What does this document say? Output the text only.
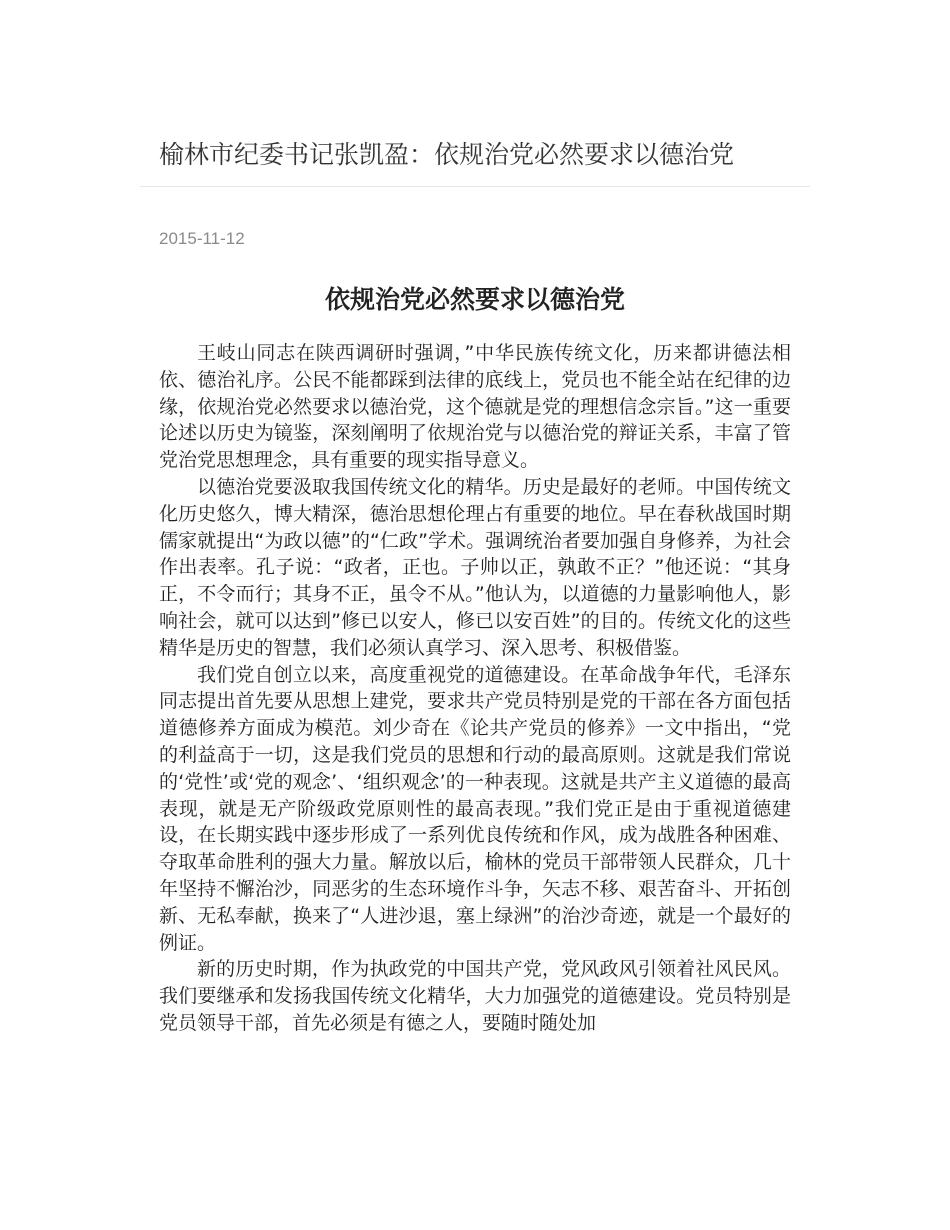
榆林市纪委书记张凯盈：依规治党必然要求以德治党
2015-11-12
依规治党必然要求以德治党

王岐山同志在陕西调研时强调，”中华民族传统文化，历来都讲德法相依、德治礼序。公民不能都踩到法律的底线上，党员也不能全站在纪律的边缘，依规治党必然要求以德治党，这个德就是党的理想信念宗旨。”这一重要论述以历史为镜鉴，深刻阐明了依规治党与以德治党的辩证关系，丰富了管党治党思想理念，具有重要的现实指导意义。

以德治党要汲取我国传统文化的精华。历史是最好的老师。中国传统文化历史悠久，博大精深，德治思想伦理占有重要的地位。早在春秋战国时期儒家就提出“为政以德”的“仁政”学术。强调统治者要加强自身修养，为社会作出表率。孔子说：“政者，正也。子帅以正，孰敢不正？”他还说：“其身正，不令而行；其身不正，虽令不从。”他认为，以道德的力量影响他人，影响社会，就可以达到”修已以安人，修已以安百姓”的目的。传统文化的这些精华是历史的智慧，我们必须认真学习、深入思考、积极借鉴。

我们党自创立以来，高度重视党的道德建设。在革命战争年代，毛泽东同志提出首先要从思想上建党，要求共产党员特别是党的干部在各方面包括道德修养方面成为模范。刘少奇在《论共产党员的修养》一文中指出，“党的利益高于一切，这是我们党员的思想和行动的最高原则。这就是我们常说的‘党性’或‘党的观念’、‘组织观念’的一种表现。这就是共产主义道德的最高表现，就是无产阶级政党原则性的最高表现。”我们党正是由于重视道德建设，在长期实践中逐步形成了一系列优良传统和作风，成为战胜各种困难、夺取革命胜利的强大力量。解放以后，榆林的党员干部带领人民群众，几十年坚持不懈治沙，同恶劣的生态环境作斗争，矢志不移、艰苦奋斗、开拓创新、无私奉献，换来了“人进沙退，塞上绿洲”的治沙奇迹，就是一个最好的例证。

新的历史时期，作为执政党的中国共产党，党风政风引领着社风民风。我们要继承和发扬我国传统文化精华，大力加强党的道德建设。党员特别是党员领导干部，首先必须是有德之人，要随时随处加
